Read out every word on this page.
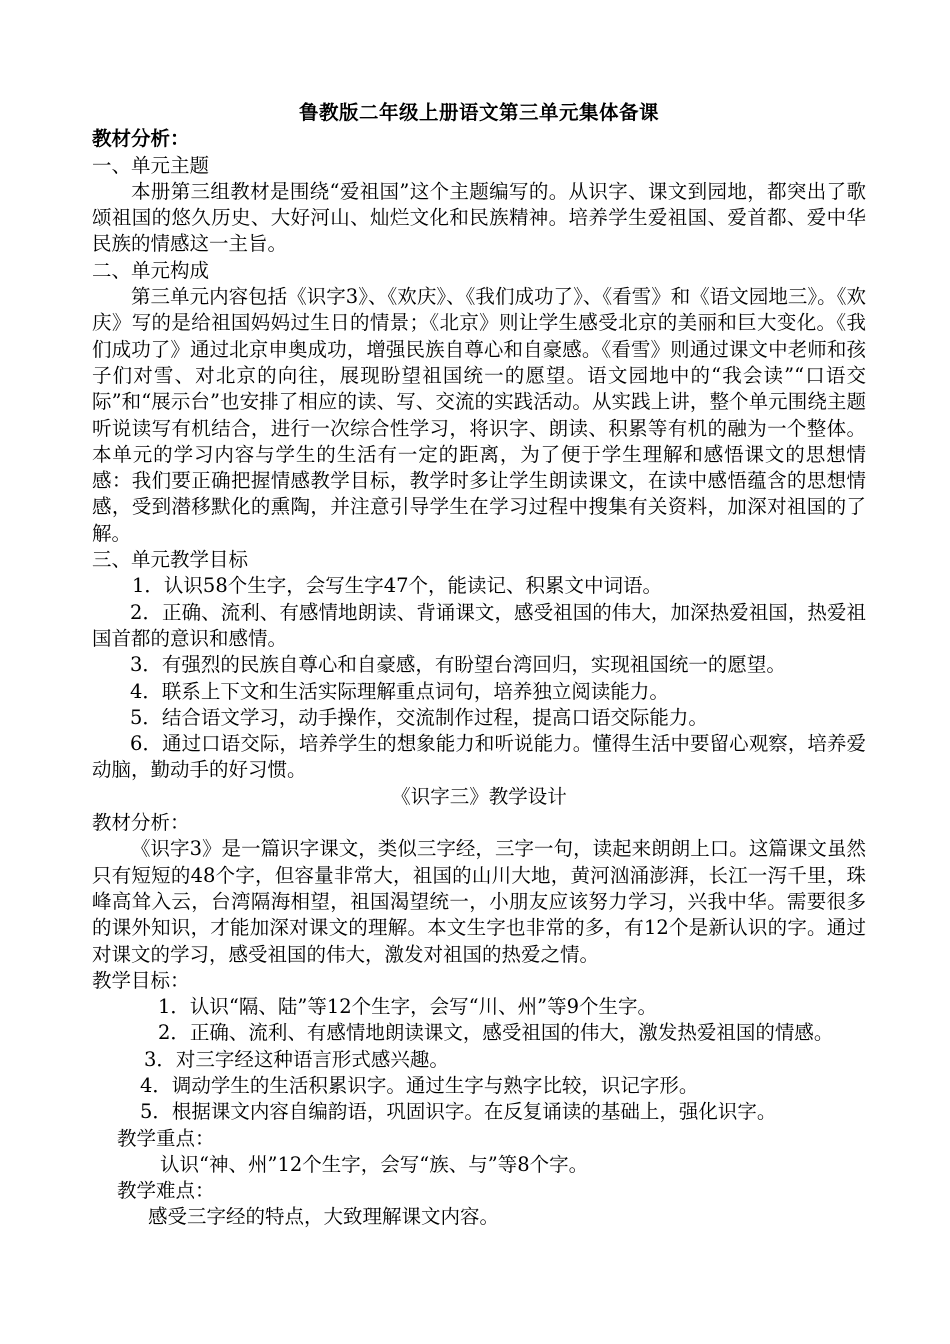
鲁教版二年级上册语文第三单元集体备课

教材分析：

一、单元主题

本册第三组教材是围绕“爱祖国”这个主题编写的。从识字、课文到园地，都突出了歌颂祖国的悠久历史、大好河山、灿烂文化和民族精神。培养学生爱祖国、爱首都、爱中华民族的情感这一主旨。

二、单元构成

第三单元内容包括《识字3》、《欢庆》、《我们成功了》、《看雪》和《语文园地三》。《欢庆》写的是给祖国妈妈过生日的情景；《北京》则让学生感受北京的美丽和巨大变化。《我们成功了》通过北京申奥成功，增强民族自尊心和自豪感。《看雪》则通过课文中老师和孩子们对雪、对北京的向往，展现盼望祖国统一的愿望。语文园地中的“我会读”“口语交际”和“展示台”也安排了相应的读、写、交流的实践活动。从实践上讲，整个单元围绕主题听说读写有机结合，进行一次综合性学习，将识字、朗读、积累等有机的融为一个整体。本单元的学习内容与学生的生活有一定的距离，为了便于学生理解和感悟课文的思想情感：我们要正确把握情感教学目标，教学时多让学生朗读课文，在读中感悟蕴含的思想情感，受到潜移默化的熏陶，并注意引导学生在学习过程中搜集有关资料，加深对祖国的了解。

三、单元教学目标

1．认识58个生字，会写生字47个，能读记、积累文中词语。

2．正确、流利、有感情地朗读、背诵课文，感受祖国的伟大，加深热爱祖国，热爱祖国首都的意识和感情。

3．有强烈的民族自尊心和自豪感，有盼望台湾回归，实现祖国统一的愿望。

4．联系上下文和生活实际理解重点词句，培养独立阅读能力。

5．结合语文学习，动手操作，交流制作过程，提高口语交际能力。

6．通过口语交际，培养学生的想象能力和听说能力。懂得生活中要留心观察，培养爱动脑，勤动手的好习惯。

《识字三》教学设计

教材分析：

《识字3》是一篇识字课文，类似三字经，三字一句，读起来朗朗上口。这篇课文虽然只有短短的48个字，但容量非常大，祖国的山川大地，黄河汹涌澎湃，长江一泻千里，珠峰高耸入云，台湾隔海相望，祖国渴望统一，小朋友应该努力学习，兴我中华。需要很多的课外知识，才能加深对课文的理解。本文生字也非常的多，有12个是新认识的字。通过对课文的学习，感受祖国的伟大，激发对祖国的热爱之情。

教学目标：

1．认识“隔、陆”等12个生字，会写“川、州”等9个生字。

2．正确、流利、有感情地朗读课文，感受祖国的伟大，激发热爱祖国的情感。

3．对三字经这种语言形式感兴趣。

4．调动学生的生活积累识字。通过生字与熟字比较，识记字形。

5．根据课文内容自编韵语，巩固识字。在反复诵读的基础上，强化识字。

教学重点：

认识“神、州”12个生字，会写“族、与”等8个字。

教学难点：

感受三字经的特点，大致理解课文内容。
